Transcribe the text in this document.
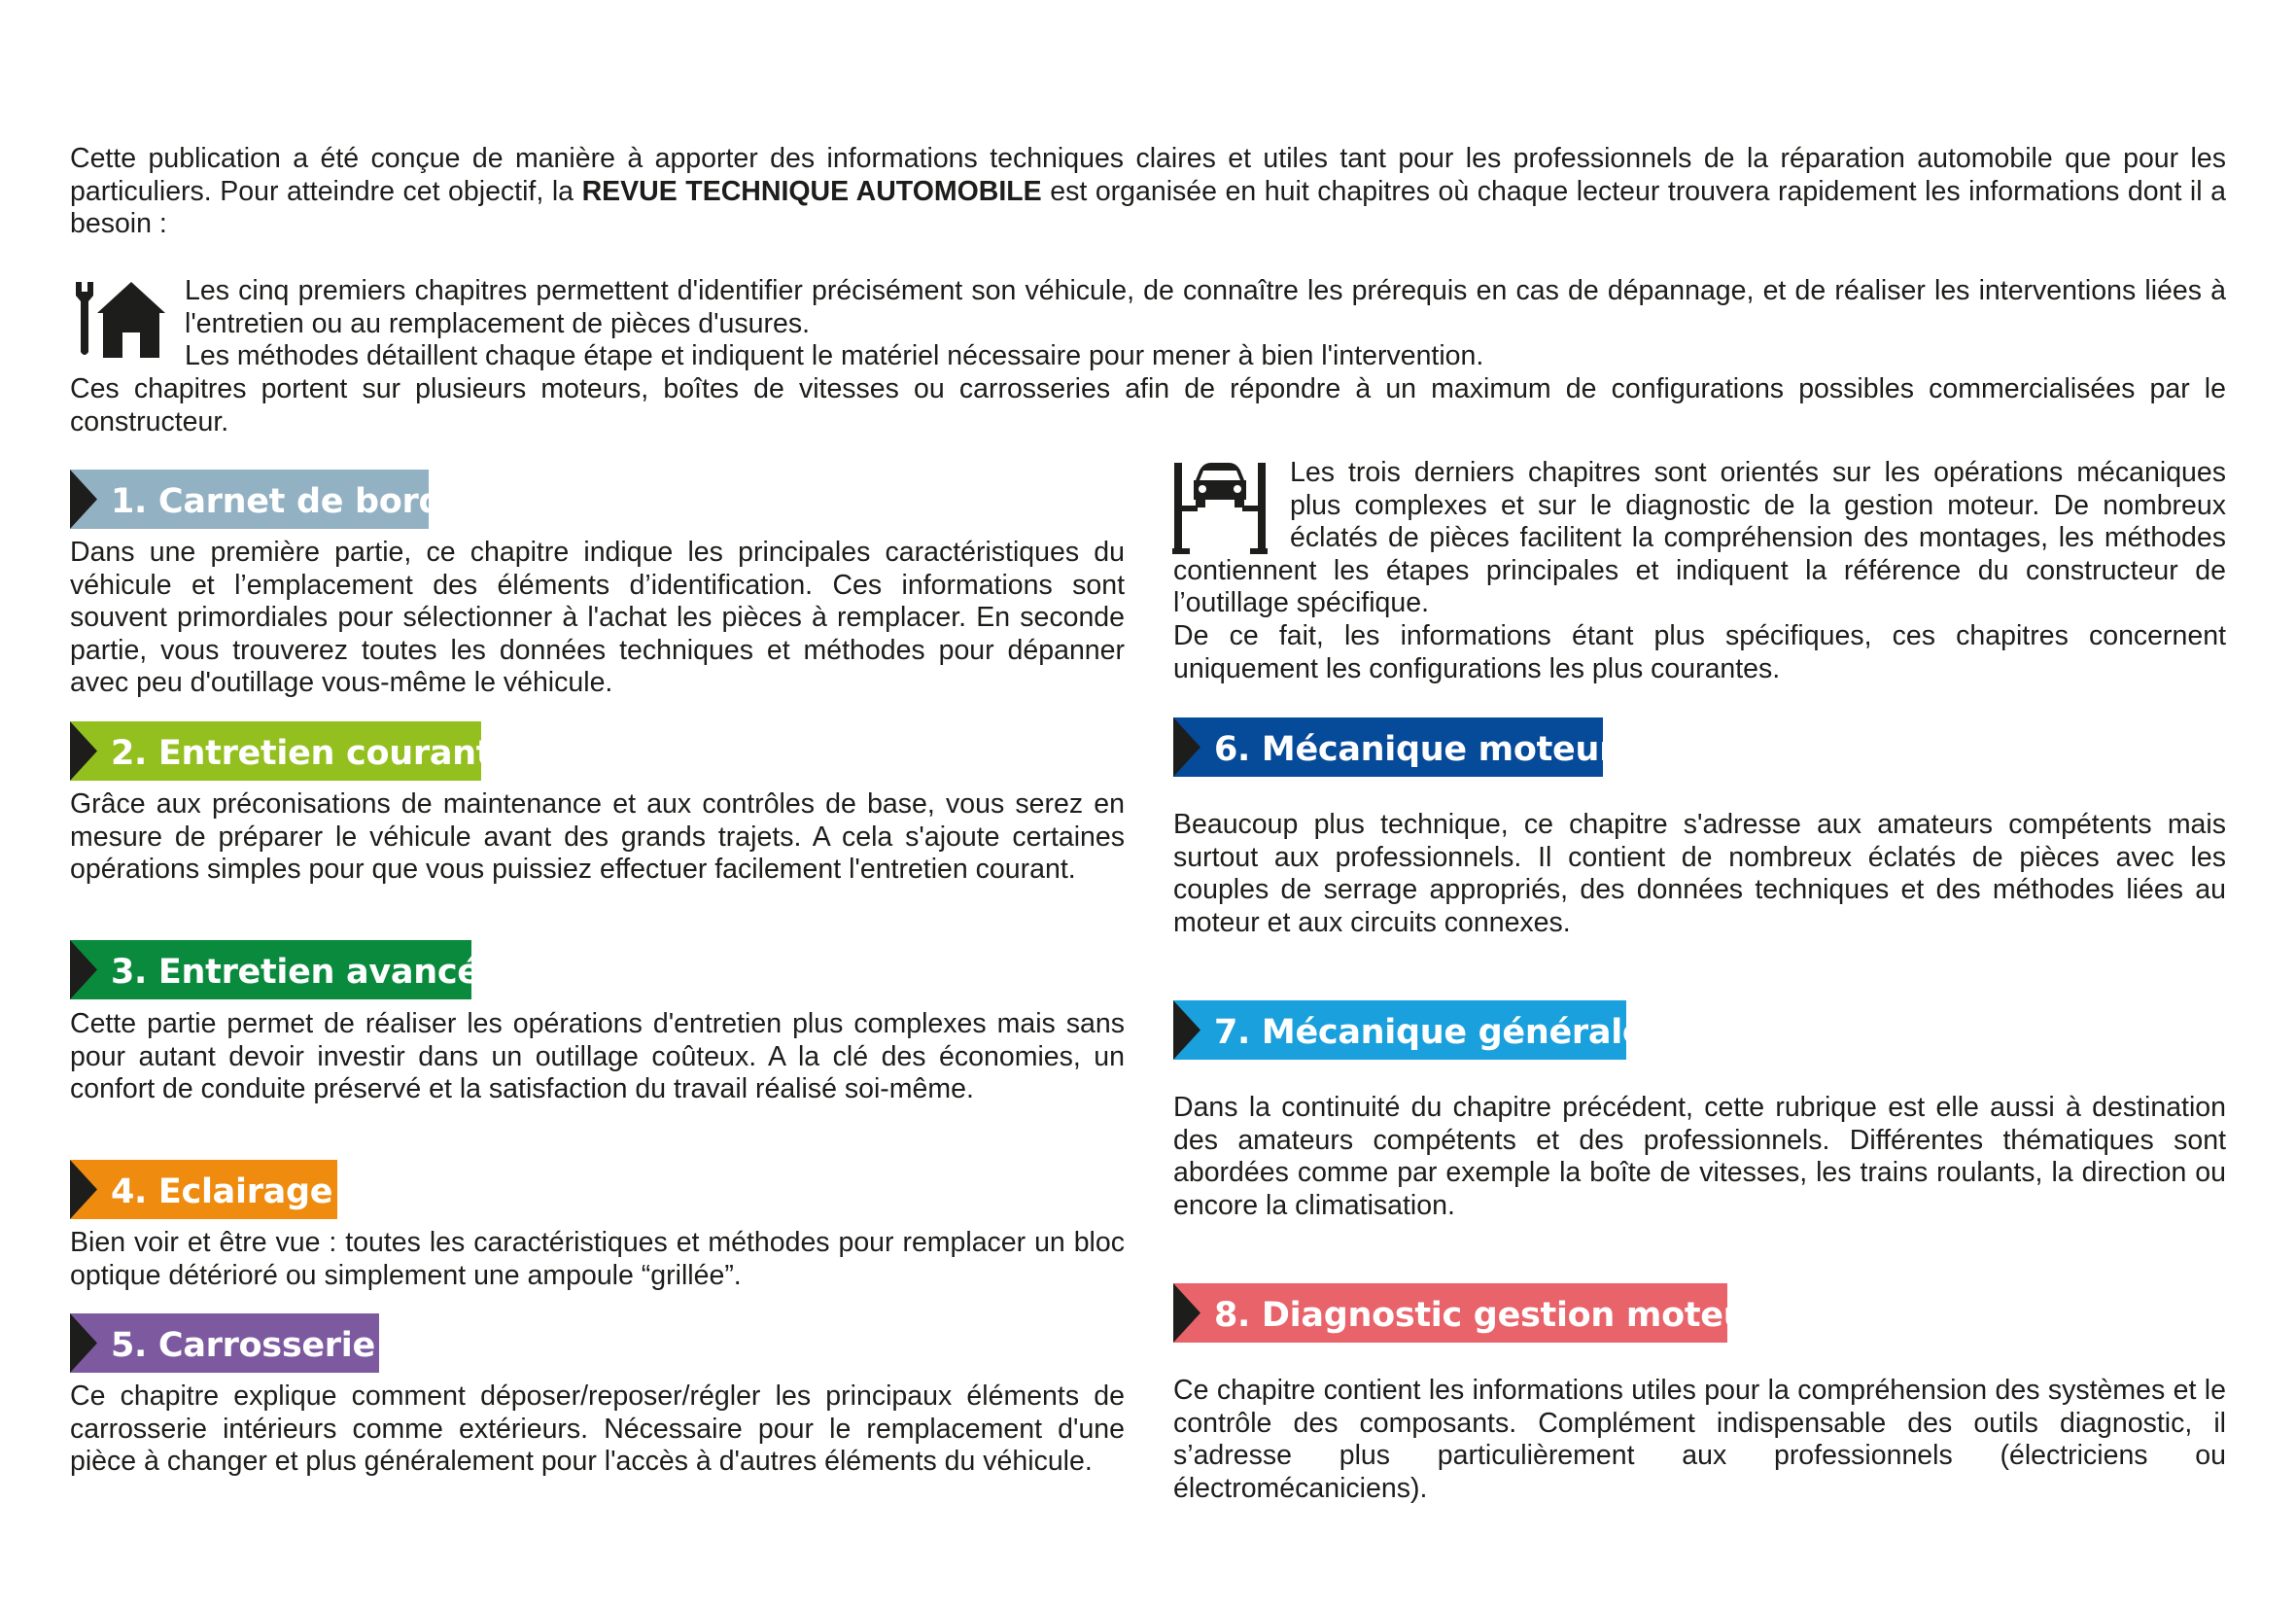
Cette publication a été conçue de manière à apporter des informations techniques claires et utiles tant pour les professionnels de la réparation automobile que pour les particuliers. Pour atteindre cet objectif, la REVUE TECHNIQUE AUTOMOBILE est organisée en huit chapitres où chaque lecteur trouvera rapidement les informations dont il a besoin :

Les cinq premiers chapitres permettent d'identifier précisément son véhicule, de connaître les prérequis en cas de dépannage, et de réaliser les interventions liées à l'entretien ou au remplacement de pièces d'usures.

Les méthodes détaillent chaque étape et indiquent le matériel nécessaire pour mener à bien l'intervention.

Ces chapitres portent sur plusieurs moteurs, boîtes de vitesses ou carrosseries afin de répondre à un maximum de configurations possibles commercialisées par le constructeur.

1. Carnet de bord

Dans une première partie, ce chapitre indique les principales caractéristiques du véhicule et l’emplacement des éléments d’identification. Ces informations sont souvent primordiales pour sélectionner à l'achat les pièces à remplacer. En seconde partie, vous trouverez toutes les données techniques et méthodes pour dépanner avec peu d'outillage vous-même le véhicule.

2. Entretien courant

Grâce aux préconisations de maintenance et aux contrôles de base, vous serez en mesure de préparer le véhicule avant des grands trajets. A cela s'ajoute certaines opérations simples pour que vous puissiez effectuer facilement l'entretien courant.

3. Entretien avancé

Cette partie permet de réaliser les opérations d'entretien plus complexes mais sans pour autant devoir investir dans un outillage coûteux. A la clé des économies, un confort de conduite préservé et la satisfaction du travail réalisé soi-même.

4. Eclairage

Bien voir et être vue : toutes les caractéristiques et méthodes pour remplacer un bloc optique détérioré ou simplement une ampoule “grillée”.

5. Carrosserie

Ce chapitre explique comment déposer/reposer/régler les principaux éléments de carrosserie intérieurs comme extérieurs. Nécessaire pour le remplacement d'une pièce à changer et plus généralement pour l'accès à d'autres éléments du véhicule.

Les trois derniers chapitres sont orientés sur les opérations mécaniques plus complexes et sur le diagnostic de la gestion moteur. De nombreux éclatés de pièces facilitent la compréhension des montages, les méthodes contiennent les étapes principales et indiquent la référence du constructeur de l’outillage spécifique.

De ce fait, les informations étant plus spécifiques, ces chapitres concernent uniquement les configurations les plus courantes.

6. Mécanique moteur

Beaucoup plus technique, ce chapitre s'adresse aux amateurs compétents mais surtout aux professionnels. Il contient de nombreux éclatés de pièces avec les couples de serrage appropriés, des données techniques et des méthodes liées au moteur et aux circuits connexes.

7. Mécanique générale

Dans la continuité du chapitre précédent, cette rubrique est elle aussi à destination des amateurs compétents et des professionnels. Différentes thématiques sont abordées comme par exemple la boîte de vitesses, les trains roulants, la direction ou encore la climatisation.

8. Diagnostic gestion moteur

Ce chapitre contient les informations utiles pour la compréhension des systèmes et le contrôle des composants. Complément indispensable des outils diagnostic, il s’adresse plus particulièrement aux professionnels (électriciens ou électromécaniciens).
